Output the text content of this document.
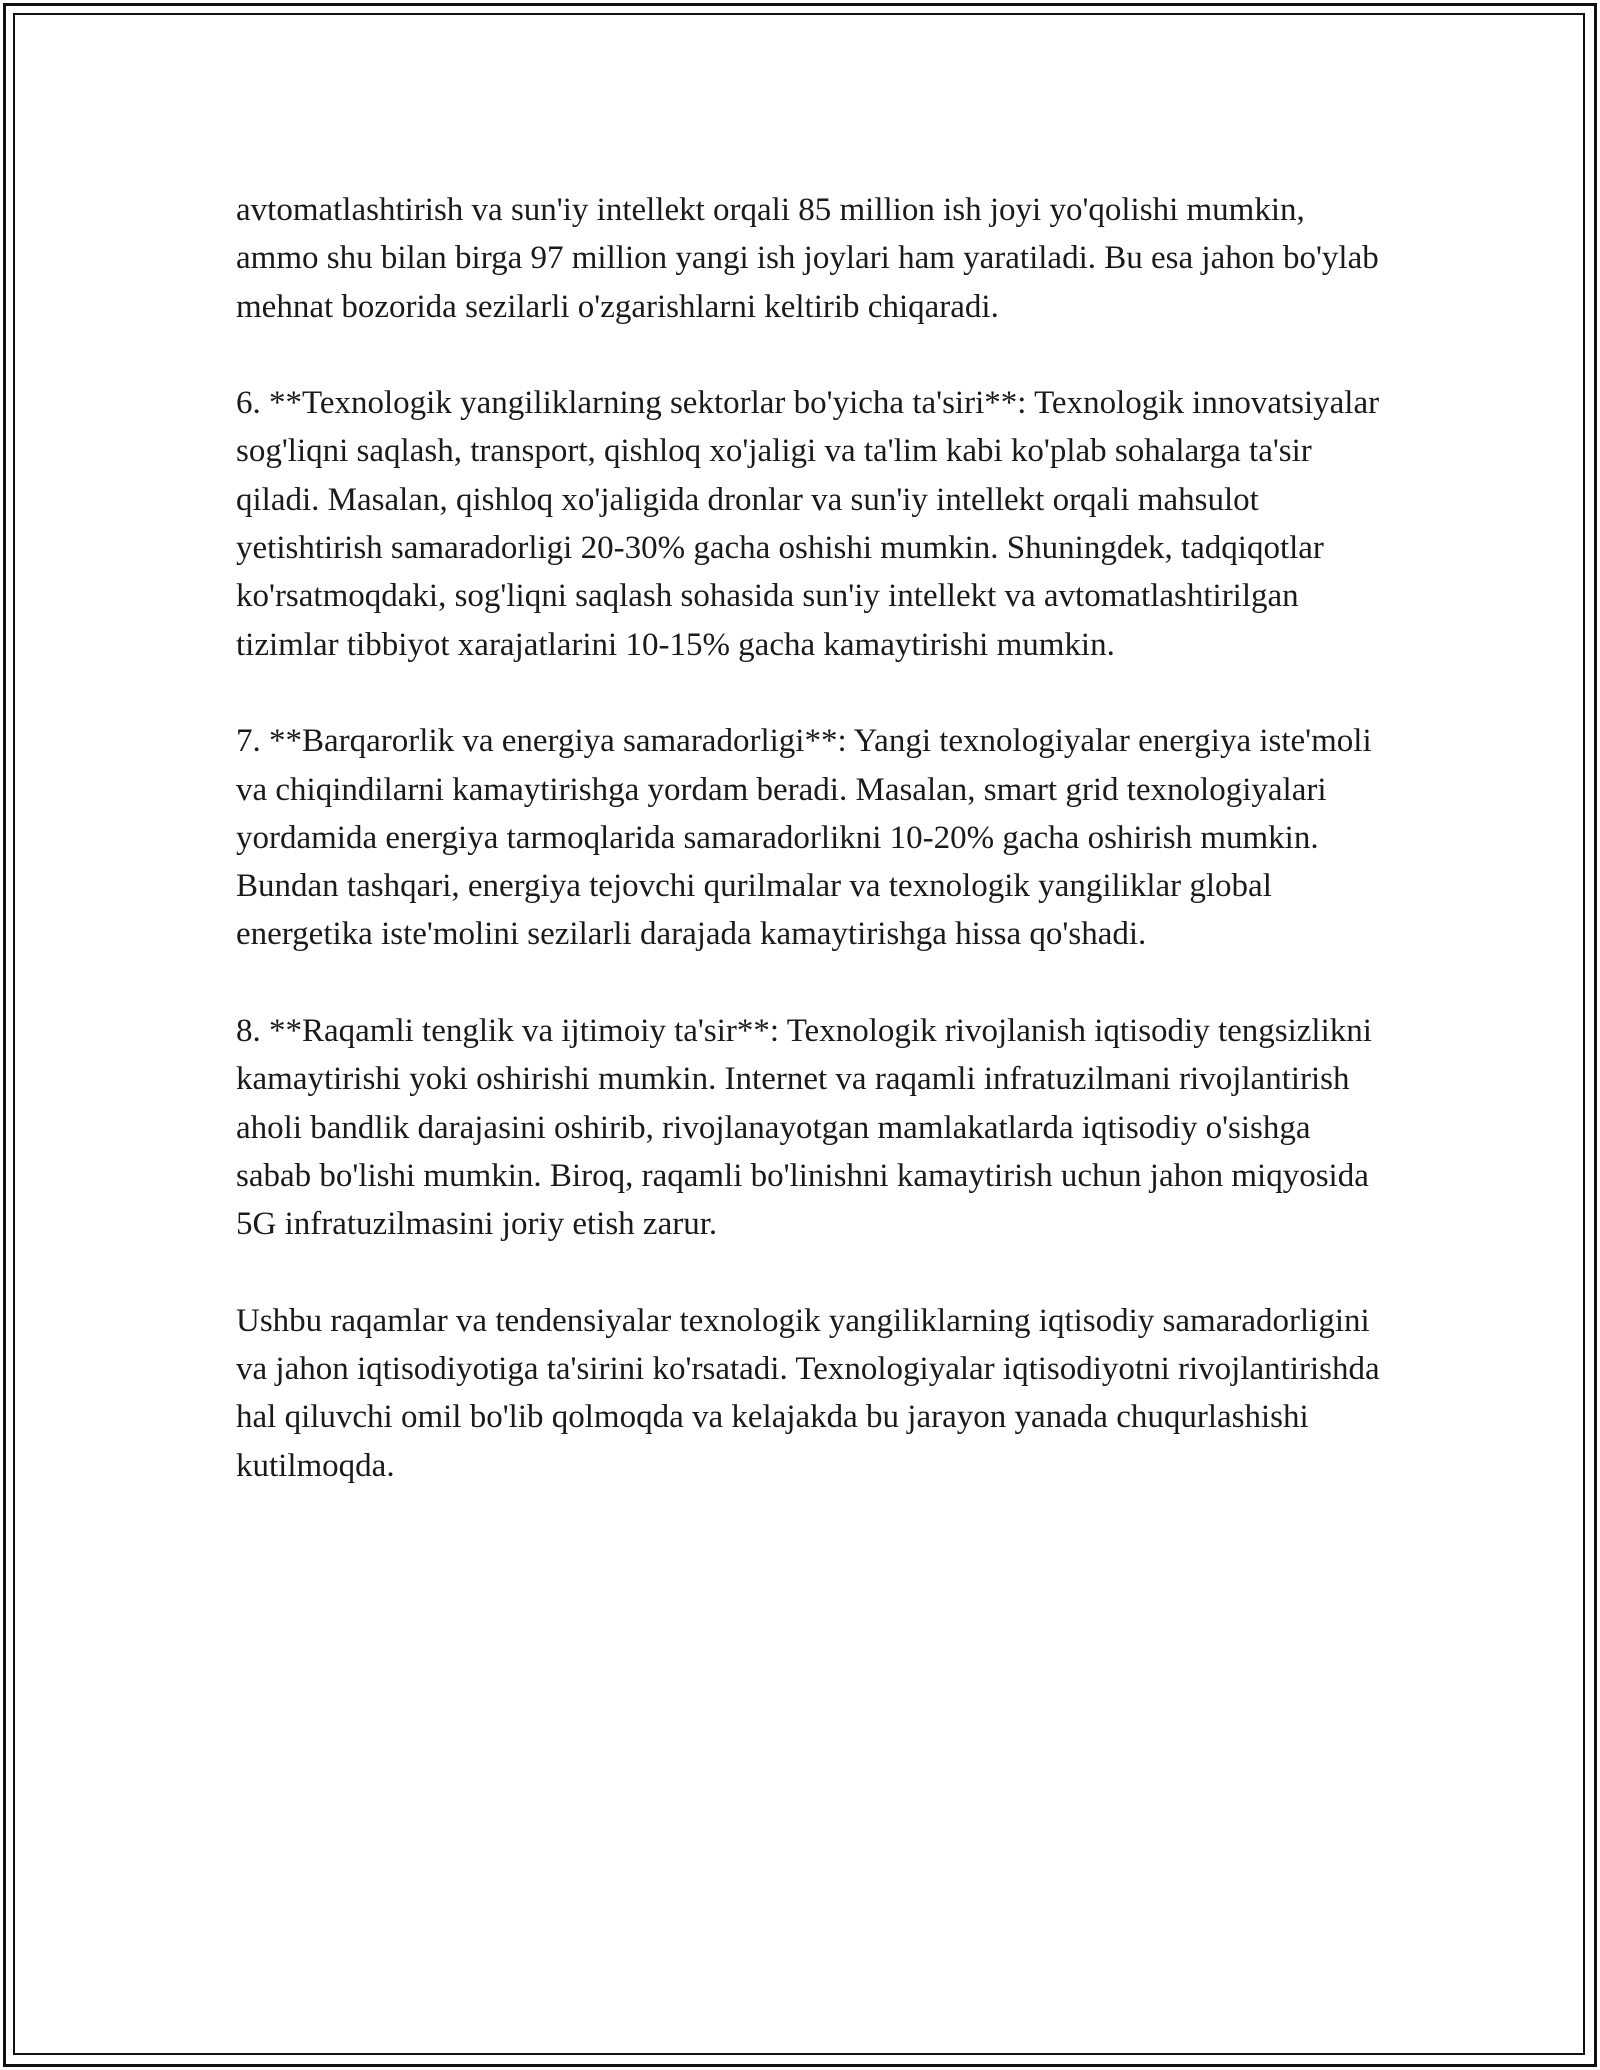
avtomatlashtirish va sun'iy intellekt orqali 85 million ish joyi yo'qolishi mumkin, ammo shu bilan birga 97 million yangi ish joylari ham yaratiladi. Bu esa jahon bo'ylab mehnat bozorida sezilarli o'zgarishlarni keltirib chiqaradi.

6. **Texnologik yangiliklarning sektorlar bo'yicha ta'siri**: Texnologik innovatsiyalar sog'liqni saqlash, transport, qishloq xo'jaligi va ta'lim kabi ko'plab sohalarga ta'sir qiladi. Masalan, qishloq xo'jaligida dronlar va sun'iy intellekt orqali mahsulot yetishtirish samaradorligi 20-30% gacha oshishi mumkin. Shuningdek, tadqiqotlar ko'rsatmoqdaki, sog'liqni saqlash sohasida sun'iy intellekt va avtomatlashtirilgan tizimlar tibbiyot xarajatlarini 10-15% gacha kamaytirishi mumkin.

7. **Barqarorlik va energiya samaradorligi**: Yangi texnologiyalar energiya iste'moli va chiqindilarni kamaytirishga yordam beradi. Masalan, smart grid texnologiyalari yordamida energiya tarmoqlarida samaradorlikni 10-20% gacha oshirish mumkin. Bundan tashqari, energiya tejovchi qurilmalar va texnologik yangiliklar global energetika iste'molini sezilarli darajada kamaytirishga hissa qo'shadi.

8. **Raqamli tenglik va ijtimoiy ta'sir**: Texnologik rivojlanish iqtisodiy tengsizlikni kamaytirishi yoki oshirishi mumkin. Internet va raqamli infratuzilmani rivojlantirish aholi bandlik darajasini oshirib, rivojlanayotgan mamlakatlarda iqtisodiy o'sishga sabab bo'lishi mumkin. Biroq, raqamli bo'linishni kamaytirish uchun jahon miqyosida 5G infratuzilmasini joriy etish zarur.

Ushbu raqamlar va tendensiyalar texnologik yangiliklarning iqtisodiy samaradorligini va jahon iqtisodiyotiga ta'sirini ko'rsatadi. Texnologiyalar iqtisodiyotni rivojlantirishda hal qiluvchi omil bo'lib qolmoqda va kelajakda bu jarayon yanada chuqurlashishi kutilmoqda.
